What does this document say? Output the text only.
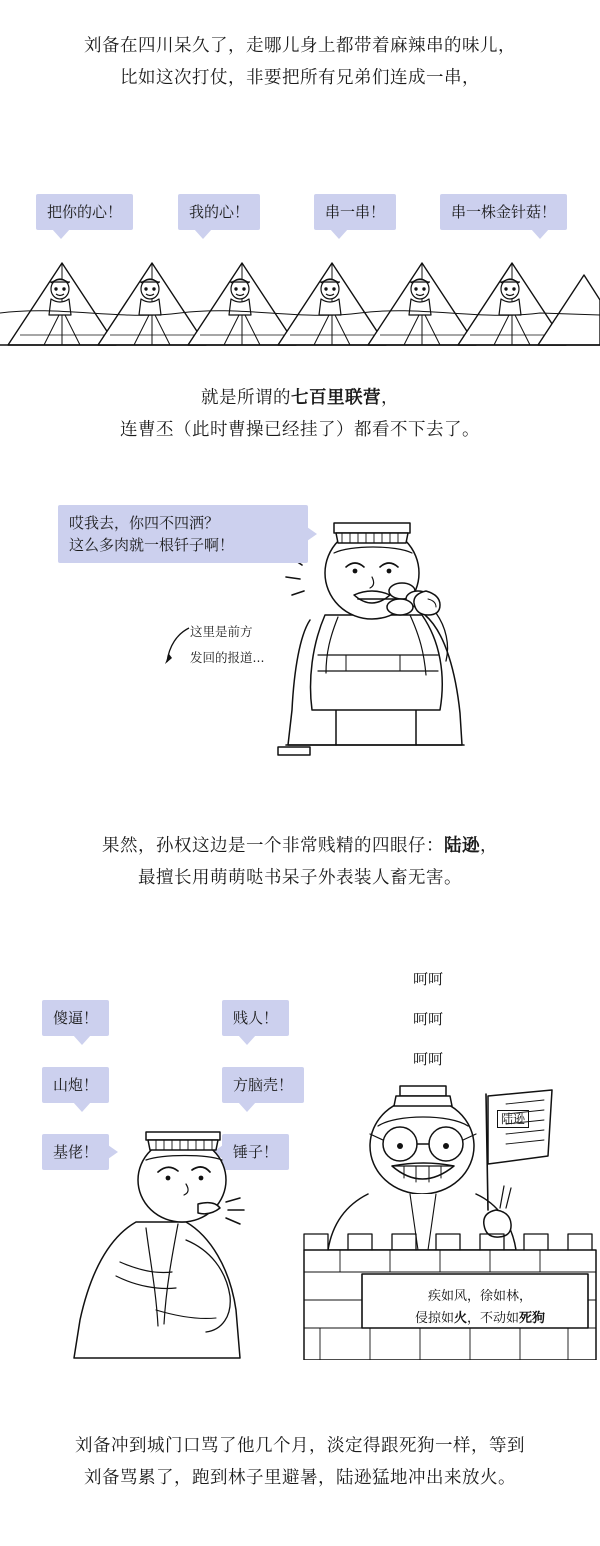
刘备在四川呆久了，走哪儿身上都带着麻辣串的味儿，
比如这次打仗，非要把所有兄弟们连成一串，
把你的心！	我的心！	串一串！	串一株金针菇！
就是所谓的七百里联营，
连曹丕（此时曹操已经挂了）都看不下去了。
哎我去，你四不四洒？
这么多肉就一根钎子啊！
这里是前方
发回的报道...
果然，孙权这边是一个非常贱精的四眼仔：陆逊，
最擅长用萌萌哒书呆子外表装人畜无害。
傻逼！
山炮！
基佬！
贱人！
方脑壳！
锤子！
呵呵
呵呵
呵呵
陆逊
疾如风，徐如林，
侵掠如火，不动如死狗
刘备冲到城门口骂了他几个月，淡定得跟死狗一样，等到
刘备骂累了，跑到林子里避暑，陆逊猛地冲出来放火。
